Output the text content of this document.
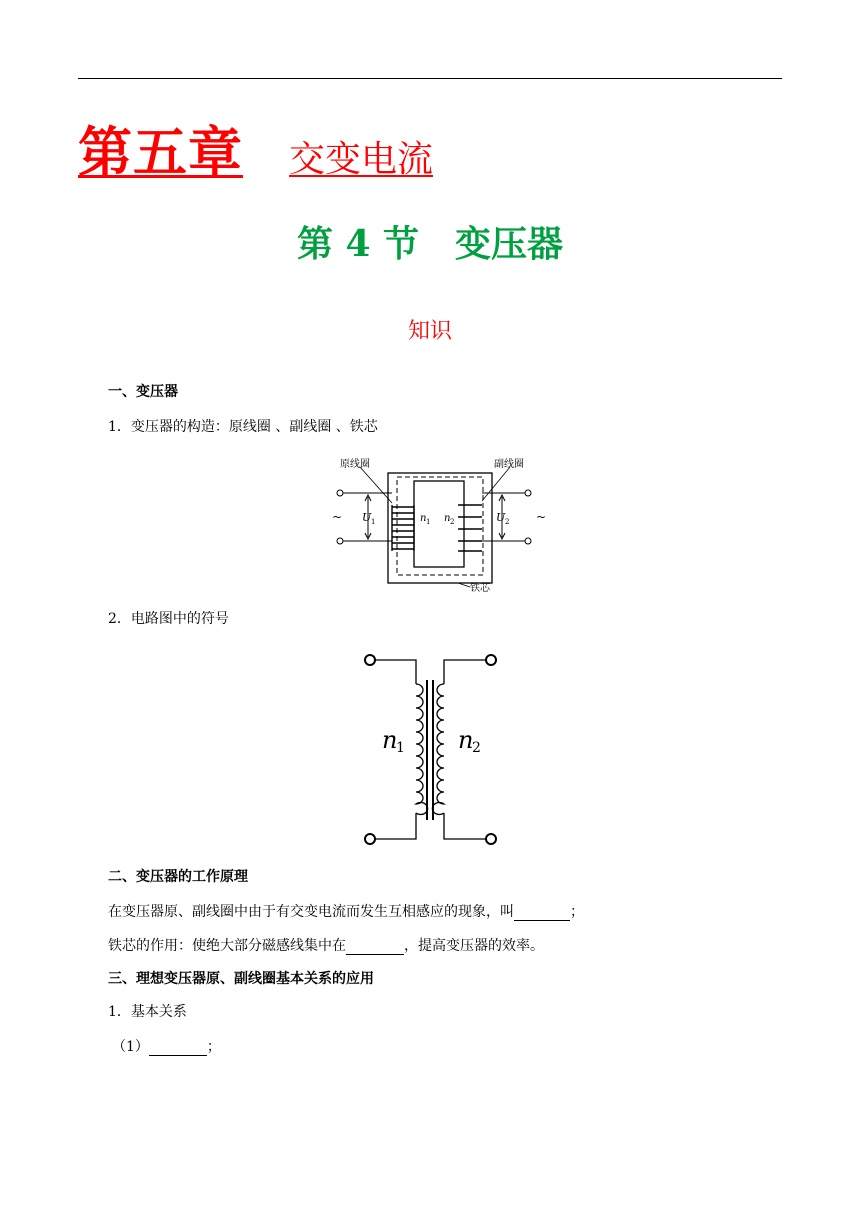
第五章 交变电流
第 4 节　变压器
知识
一、变压器
1．变压器的构造：原线圈 、副线圈 、铁芯
原线圈	副线圈
铁芯
U 1	U 2
n 1 n 2
~	~
2．电路图中的符号
n
1 n
2
二、变压器的工作原理
在变压器原、副线圈中由于有交变电流而发生互相感应的现象，叫	；
铁芯的作用：使绝大部分磁感线集中在	，提高变压器的效率。
三、理想变压器原、副线圈基本关系的应用
1．基本关系
（1）	；
